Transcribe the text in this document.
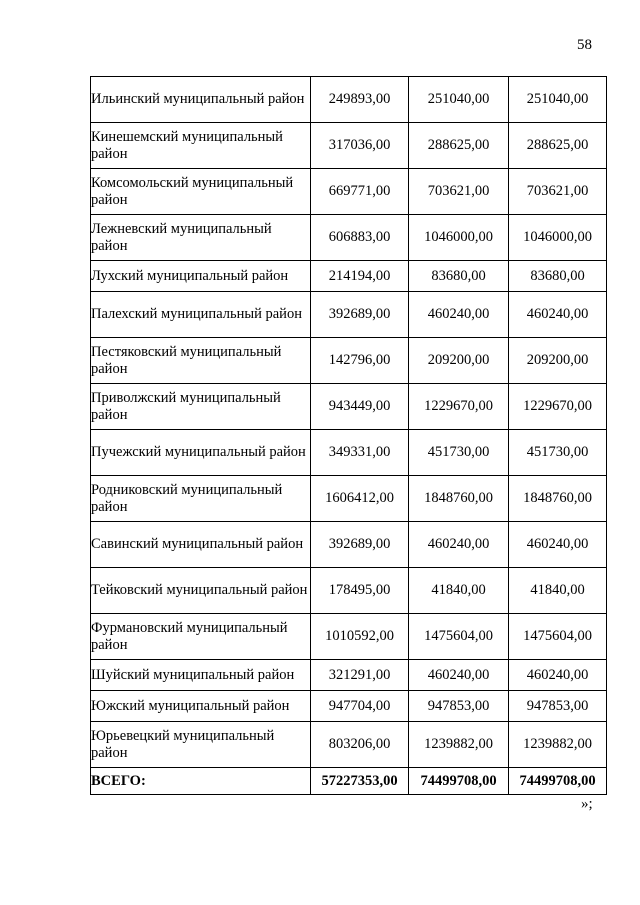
58
Ильинский муниципальный район	249893,00	251040,00	251040,00
Кинешемский муниципальный район	317036,00	288625,00	288625,00
Комсомольский муниципальный район	669771,00	703621,00	703621,00
Лежневский муниципальный район	606883,00	1046000,00	1046000,00
Лухский муниципальный район	214194,00	83680,00	83680,00
Палехский муниципальный район	392689,00	460240,00	460240,00
Пестяковский муниципальный район	142796,00	209200,00	209200,00
Приволжский муниципальный район	943449,00	1229670,00	1229670,00
Пучежский муниципальный район	349331,00	451730,00	451730,00
Родниковский муниципальный район	1606412,00	1848760,00	1848760,00
Савинский муниципальный район	392689,00	460240,00	460240,00
Тейковский муниципальный район	178495,00	41840,00	41840,00
Фурмановский муниципальный район	1010592,00	1475604,00	1475604,00
Шуйский муниципальный район	321291,00	460240,00	460240,00
Южский муниципальный район	947704,00	947853,00	947853,00
Юрьевецкий муниципальный район	803206,00	1239882,00	1239882,00
ВСЕГО:	57227353,00	74499708,00	74499708,00
»;
